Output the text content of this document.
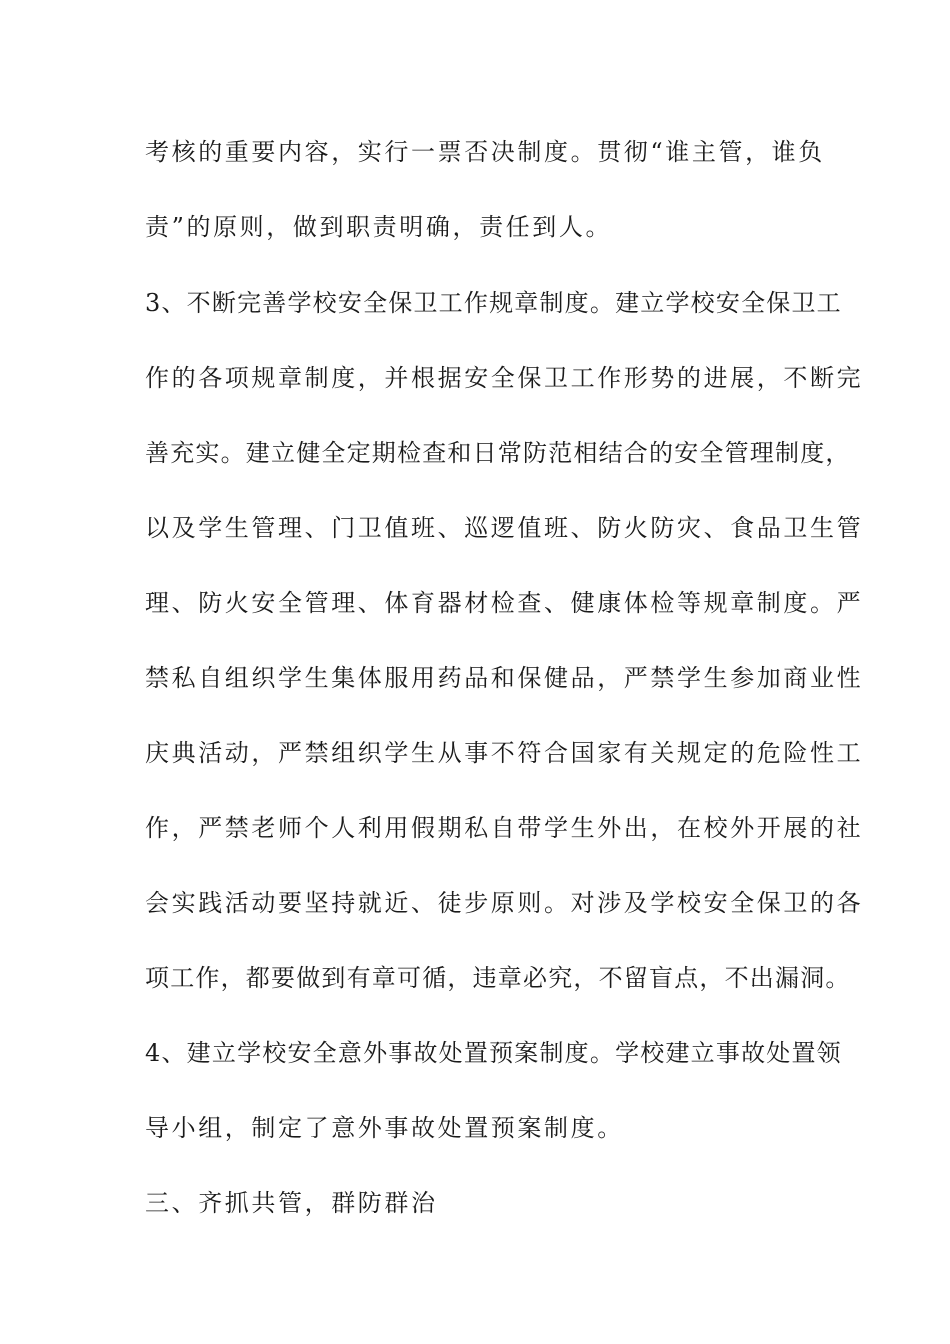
考核的重要内容，实行一票否决制度。贯彻“谁主管，谁负
责”的原则，做到职责明确，责任到人。
3、不断完善学校安全保卫工作规章制度。建立学校安全保卫工
作的各项规章制度，并根据安全保卫工作形势的进展，不断完
善充实。建立健全定期检查和日常防范相结合的安全管理制度，
以及学生管理、门卫值班、巡逻值班、防火防灾、食品卫生管
理、防火安全管理、体育器材检查、健康体检等规章制度。严
禁私自组织学生集体服用药品和保健品，严禁学生参加商业性
庆典活动，严禁组织学生从事不符合国家有关规定的危险性工
作，严禁老师个人利用假期私自带学生外出，在校外开展的社
会实践活动要坚持就近、徒步原则。对涉及学校安全保卫的各
项工作，都要做到有章可循，违章必究，不留盲点，不出漏洞。
4、建立学校安全意外事故处置预案制度。学校建立事故处置领
导小组，制定了意外事故处置预案制度。
三、齐抓共管，群防群治
